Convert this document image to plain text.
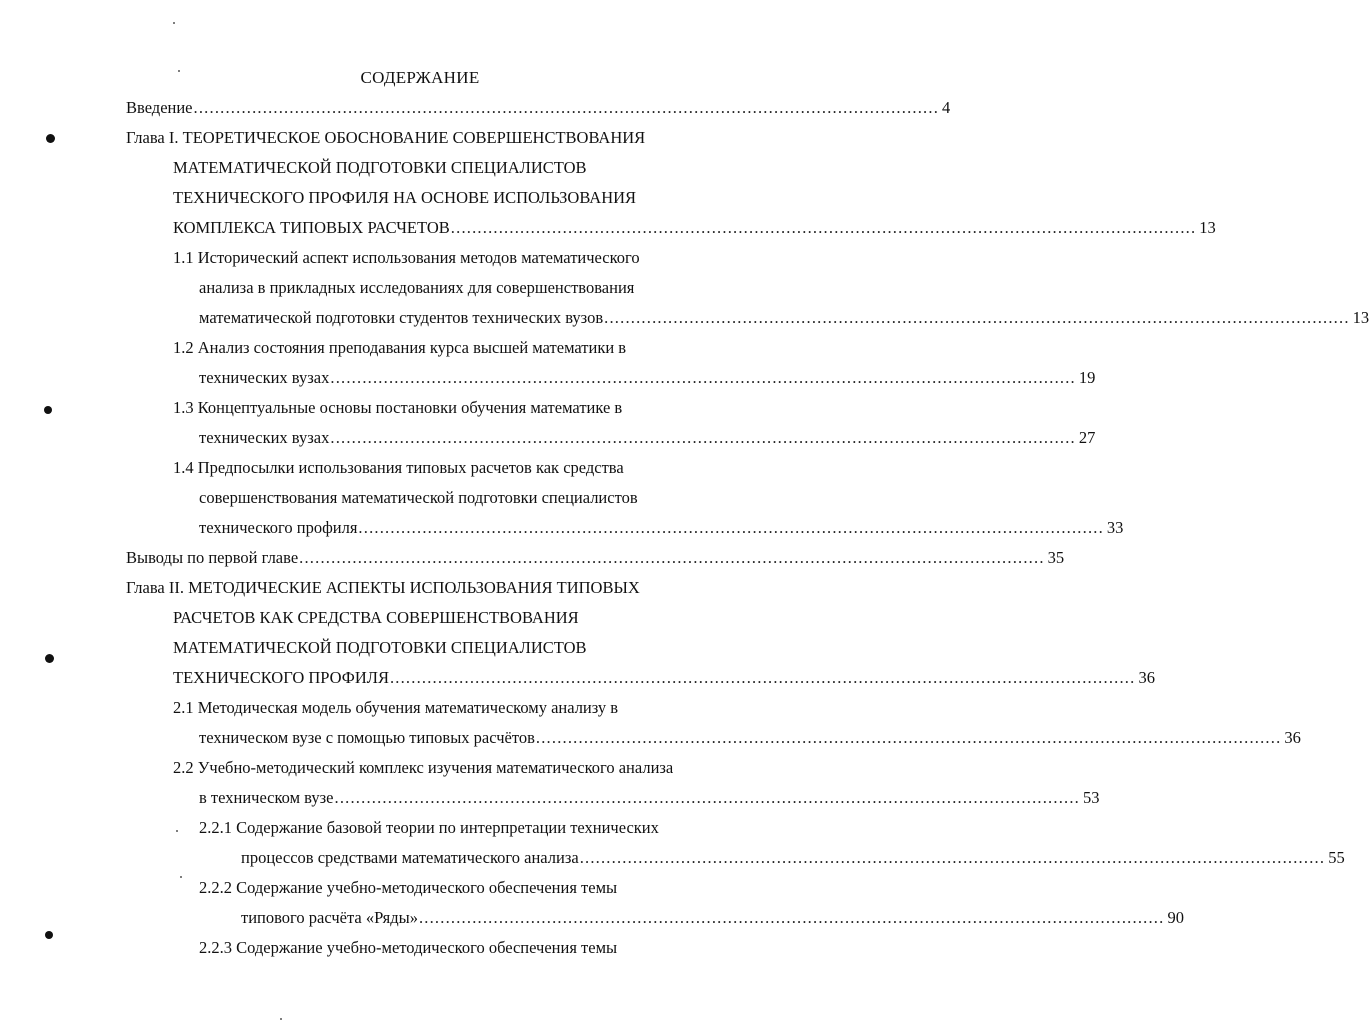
СОДЕРЖАНИЕ
Введение ............................................................................................................................................ 4
Глава I. ТЕОРЕТИЧЕСКОЕ ОБОСНОВАНИЕ СОВЕРШЕНСТВОВАНИЯ
МАТЕМАТИЧЕСКОЙ ПОДГОТОВКИ СПЕЦИАЛИСТОВ
ТЕХНИЧЕСКОГО ПРОФИЛЯ НА ОСНОВЕ ИСПОЛЬЗОВАНИЯ
КОМПЛЕКСА ТИПОВЫХ РАСЧЕТОВ ............................................................................................................................................ 13
1.1 Исторический аспект использования методов математического
анализа в прикладных исследованиях для совершенствования
математической подготовки студентов технических вузов ............................................................................................................................................ 13
1.2 Анализ состояния преподавания курса высшей математики в
технических вузах ............................................................................................................................................ 19
1.3 Концептуальные основы постановки обучения математике в
технических вузах ............................................................................................................................................ 27
1.4 Предпосылки использования типовых расчетов как средства
совершенствования математической подготовки специалистов
технического профиля ............................................................................................................................................ 33
Выводы по первой главе ............................................................................................................................................ 35
Глава II. МЕТОДИЧЕСКИЕ АСПЕКТЫ ИСПОЛЬЗОВАНИЯ ТИПОВЫХ
РАСЧЕТОВ КАК СРЕДСТВА СОВЕРШЕНСТВОВАНИЯ
МАТЕМАТИЧЕСКОЙ ПОДГОТОВКИ СПЕЦИАЛИСТОВ
ТЕХНИЧЕСКОГО ПРОФИЛЯ ............................................................................................................................................ 36
2.1 Методическая модель обучения математическому анализу в
техническом вузе с помощью типовых расчётов ............................................................................................................................................ 36
2.2 Учебно-методический комплекс изучения математического анализа
в техническом вузе ............................................................................................................................................ 53
2.2.1 Содержание базовой теории по интерпретации технических
процессов средствами математического анализа ............................................................................................................................................ 55
2.2.2 Содержание учебно-методического обеспечения темы
типового расчёта «Ряды» ............................................................................................................................................ 90
2.2.3 Содержание учебно-методического обеспечения темы
